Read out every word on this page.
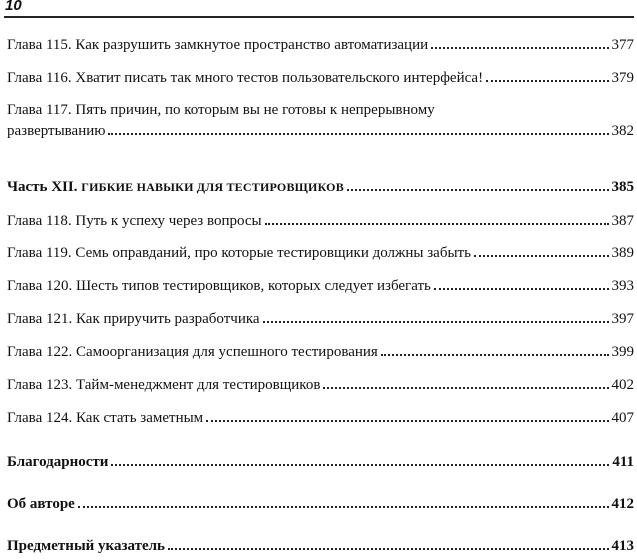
10
Глава 115. Как разрушить замкнутое пространство автоматизации	377
Глава 116. Хватит писать так много тестов пользовательского интерфейса!	379
Глава 117. Пять причин, по которым вы не готовы к непрерывному
развертыванию	382
Часть XII. ГИБКИЕ НАВЫКИ ДЛЯ ТЕСТИРОВЩИКОВ	385
Глава 118. Путь к успеху через вопросы	387
Глава 119. Семь оправданий, про которые тестировщики должны забыть	389
Глава 120. Шесть типов тестировщиков, которых следует избегать	393
Глава 121. Как приручить разработчика	397
Глава 122. Самоорганизация для успешного тестирования	399
Глава 123. Тайм-менеджмент для тестировщиков	402
Глава 124. Как стать заметным	407
Благодарности	411
Об авторе	412
Предметный указатель	413
